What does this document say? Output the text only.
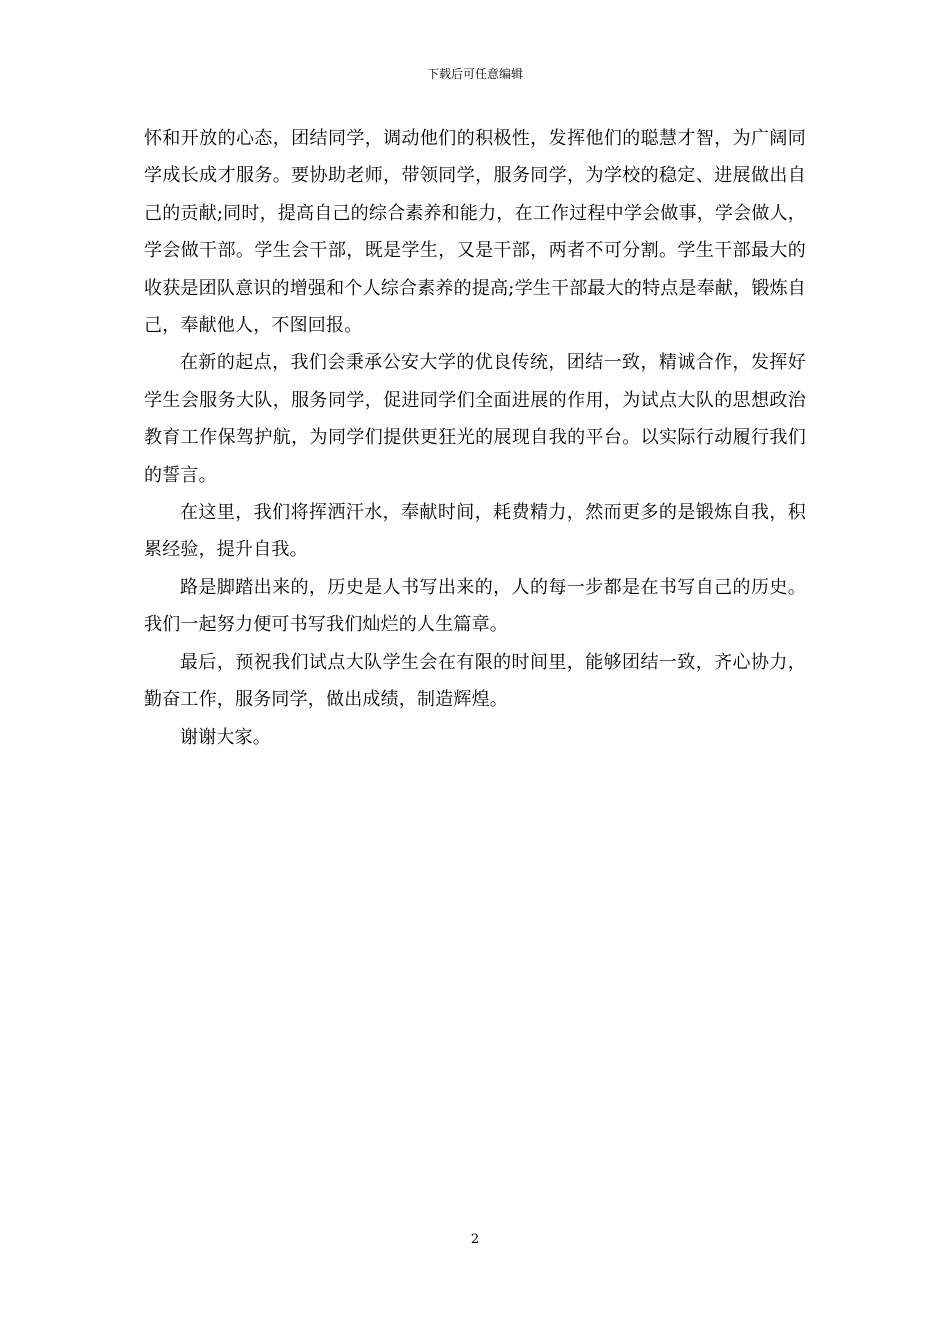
下载后可任意编辑

怀和开放的心态，团结同学，调动他们的积极性，发挥他们的聪慧才智，为广阔同学成长成才服务。要协助老师，带领同学，服务同学，为学校的稳定、进展做出自己的贡献;同时，提高自己的综合素养和能力，在工作过程中学会做事，学会做人，学会做干部。学生会干部，既是学生，又是干部，两者不可分割。学生干部最大的收获是团队意识的增强和个人综合素养的提高;学生干部最大的特点是奉献，锻炼自己，奉献他人，不图回报。

在新的起点，我们会秉承公安大学的优良传统，团结一致，精诚合作，发挥好学生会服务大队，服务同学，促进同学们全面进展的作用，为试点大队的思想政治教育工作保驾护航，为同学们提供更狂光的展现自我的平台。以实际行动履行我们的誓言。

在这里，我们将挥洒汗水，奉献时间，耗费精力，然而更多的是锻炼自我，积累经验，提升自我。

路是脚踏出来的，历史是人书写出来的，人的每一步都是在书写自己的历史。我们一起努力便可书写我们灿烂的人生篇章。

最后，预祝我们试点大队学生会在有限的时间里，能够团结一致，齐心协力，勤奋工作，服务同学，做出成绩，制造辉煌。

谢谢大家。

2
